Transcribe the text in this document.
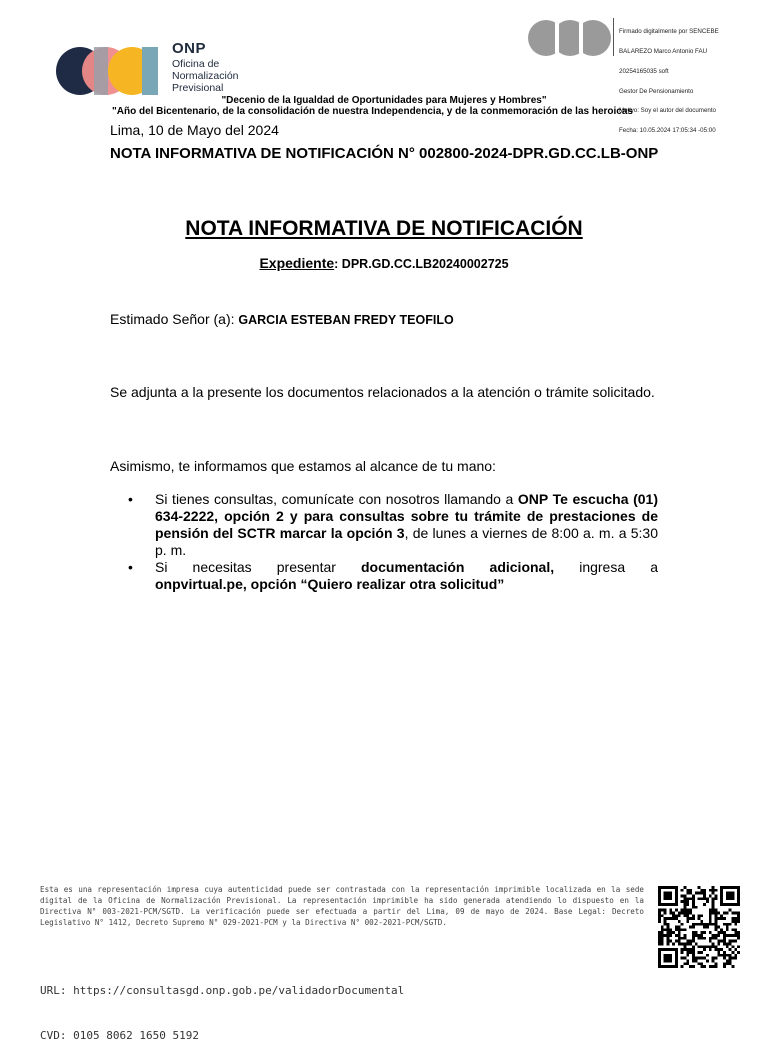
ONP
Oficina de
Normalización
Previsional

Firmado digitalmente por SENCEBE

BALAREZO Marco Antonio FAU

20254165035 soft

Gestor De Pensionamiento

Motivo: Soy el autor del documento

Fecha: 10.05.2024 17:05:34 -05:00

"Decenio de la Igualdad de Oportunidades para Mujeres y Hombres"
"Año del Bicentenario, de la consolidación de nuestra Independencia, y de la conmemoración de las heroicas
Lima, 10 de Mayo del 2024
NOTA INFORMATIVA DE NOTIFICACIÓN N° 002800-2024-DPR.GD.CC.LB-ONP
NOTA INFORMATIVA DE NOTIFICACIÓN
Expediente: DPR.GD.CC.LB20240002725
Estimado Señor (a): GARCIA ESTEBAN FREDY TEOFILO
Se adjunta a la presente los documentos relacionados a la atención o trámite solicitado.
Asimismo, te informamos que estamos al alcance de tu mano:
• Si tienes consultas, comunícate con nosotros llamando a ONP Te escucha (01) 634-2222, opción 2 y para consultas sobre tu trámite de prestaciones de pensión del SCTR marcar la opción 3, de lunes a viernes de 8:00 a. m. a 5:30 p. m.
• Si necesitas presentar documentación adicional, ingresa a
onpvirtual.pe, opción “Quiero realizar otra solicitud”
Esta es una representación impresa cuya autenticidad puede ser contrastada con la representación imprimible localizada en la sede digital de la Oficina de Normalización Previsional. La representación imprimible ha sido generada atendiendo lo dispuesto en la Directiva N° 003-2021-PCM/SGTD. La verificación puede ser efectuada a partir del Lima, 09 de mayo de 2024. Base Legal: Decreto Legislativo N° 1412, Decreto Supremo N° 029-2021-PCM y la Directiva N° 002-2021-PCM/SGTD.

URL: https://consultasgd.onp.gob.pe/validadorDocumental

CVD: 0105 8062 1650 5192
